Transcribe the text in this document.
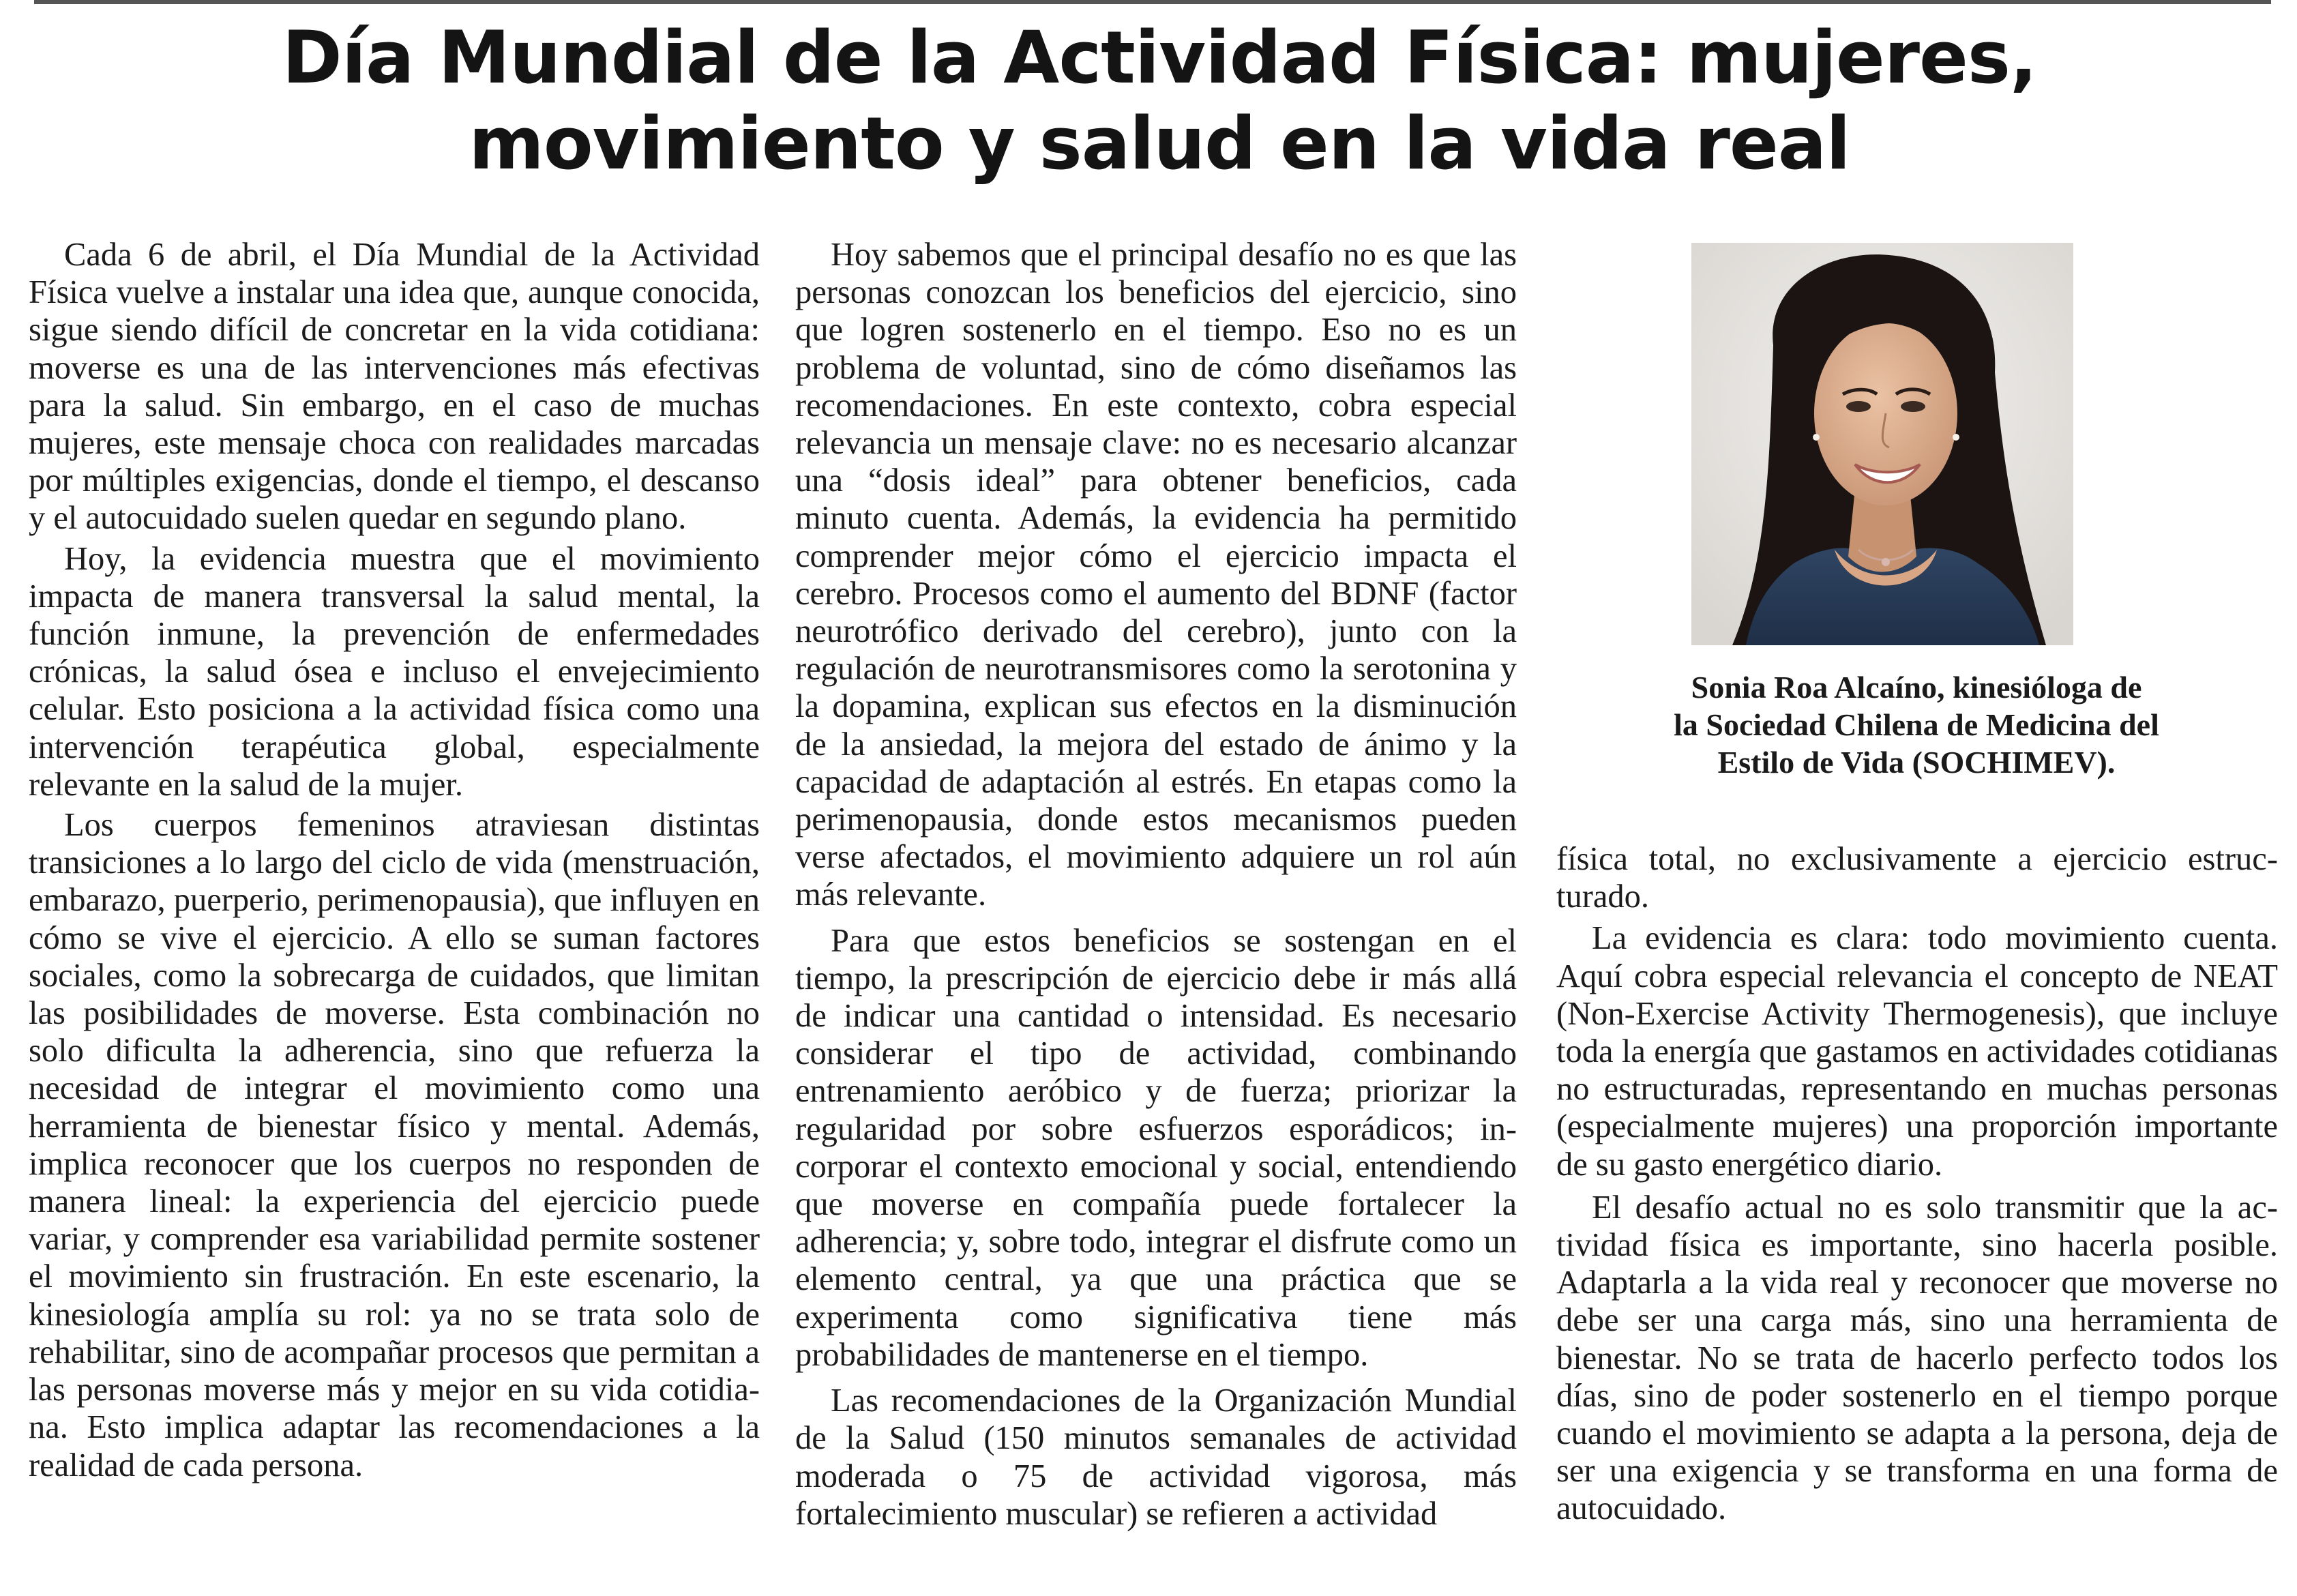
Día Mundial de la Actividad Física: mujeres,
movimiento y salud en la vida real

Cada 6 de abril, el Día Mundial de la Actividad Física vuelve a instalar una idea que, aunque conocida, sigue siendo difícil de concretar en la vida cotidiana: moverse es una de las intervenciones más efectivas para la salud. Sin embargo, en el caso de muchas mujeres, este mensaje choca con realidades marcadas por múltiples exigencias, donde el tiempo, el descanso y el autocuidado suelen quedar en segundo plano.

Hoy, la evidencia muestra que el movimiento impacta de manera transversal la salud mental, la función inmune, la prevención de enfermedades crónicas, la salud ósea e incluso el envejecimiento celular. Esto posiciona a la actividad física como una intervención terapéutica global, especialmente relevante en la salud de la mujer.

Los cuerpos femeninos atraviesan distintas transiciones a lo largo del ciclo de vida (menstruación, embarazo, puerperio, perimenopausia), que influyen en cómo se vive el ejercicio. A ello se suman factores sociales, como la sobrecarga de cuidados, que limitan las posibilidades de moverse. Esta combinación no solo dificulta la adherencia, sino que refuerza la necesidad de integrar el movimiento como una herramienta de bienestar físico y mental. Además, implica reconocer que los cuerpos no responden de manera lineal: la experiencia del ejercicio puede variar, y comprender esa variabilidad permite sostener el movimiento sin frustración. En este escenario, la kinesiología amplía su rol: ya no se trata solo de rehabilitar, sino de acompañar procesos que permitan a las personas moverse más y mejor en su vida cotidiana. Esto implica adaptar las recomendaciones a la realidad de cada persona.

Hoy sabemos que el principal desafío no es que las personas conozcan los beneficios del ejercicio, sino que logren sostenerlo en el tiempo. Eso no es un problema de voluntad, sino de cómo diseñamos las recomendaciones. En este contexto, cobra especial relevancia un mensaje clave: no es necesario alcanzar una “dosis ideal” para obtener beneficios, cada minuto cuenta. Además, la evidencia ha permitido comprender mejor cómo el ejercicio impacta el cerebro. Procesos como el aumento del BDNF (factor neurotrófico derivado del cerebro), junto con la regulación de neurotransmisores como la serotonina y la dopamina, explican sus efectos en la disminución de la ansiedad, la mejora del estado de ánimo y la capacidad de adaptación al estrés. En etapas como la perimenopausia, donde estos mecanismos pueden verse afectados, el movimiento adquiere un rol aún más relevante.

Para que estos beneficios se sostengan en el tiempo, la prescripción de ejercicio debe ir más allá de indicar una cantidad o intensidad. Es necesario considerar el tipo de actividad, combinando entrenamiento aeróbico y de fuerza; priorizar la regularidad por sobre esfuerzos esporádicos; incorporar el contexto emocional y social, entendiendo que moverse en compañía puede fortalecer la adherencia; y, sobre todo, integrar el disfrute como un elemento central, ya que una práctica que se experimenta como significativa tiene más probabilidades de mantenerse en el tiempo.

Las recomendaciones de la Organización Mundial de la Salud (150 minutos semanales de actividad moderada o 75 de actividad vigorosa, más fortalecimiento muscular) se refieren a actividad

Sonia Roa Alcaíno, kinesióloga de
la Sociedad Chilena de Medicina del
Estilo de Vida (SOCHIMEV).

física total, no exclusivamente a ejercicio estructurado.

La evidencia es clara: todo movimiento cuenta. Aquí cobra especial relevancia el concepto de NEAT (Non-Exercise Activity Thermogenesis), que incluye toda la energía que gastamos en actividades cotidianas no estructuradas, representando en muchas personas (especialmente mujeres) una proporción importante de su gasto energético diario.

El desafío actual no es solo transmitir que la actividad física es importante, sino hacerla posible. Adaptarla a la vida real y reconocer que moverse no debe ser una carga más, sino una herramienta de bienestar. No se trata de hacerlo perfecto todos los días, sino de poder sostenerlo en el tiempo porque cuando el movimiento se adapta a la persona, deja de ser una exigencia y se transforma en una forma de autocuidado.
